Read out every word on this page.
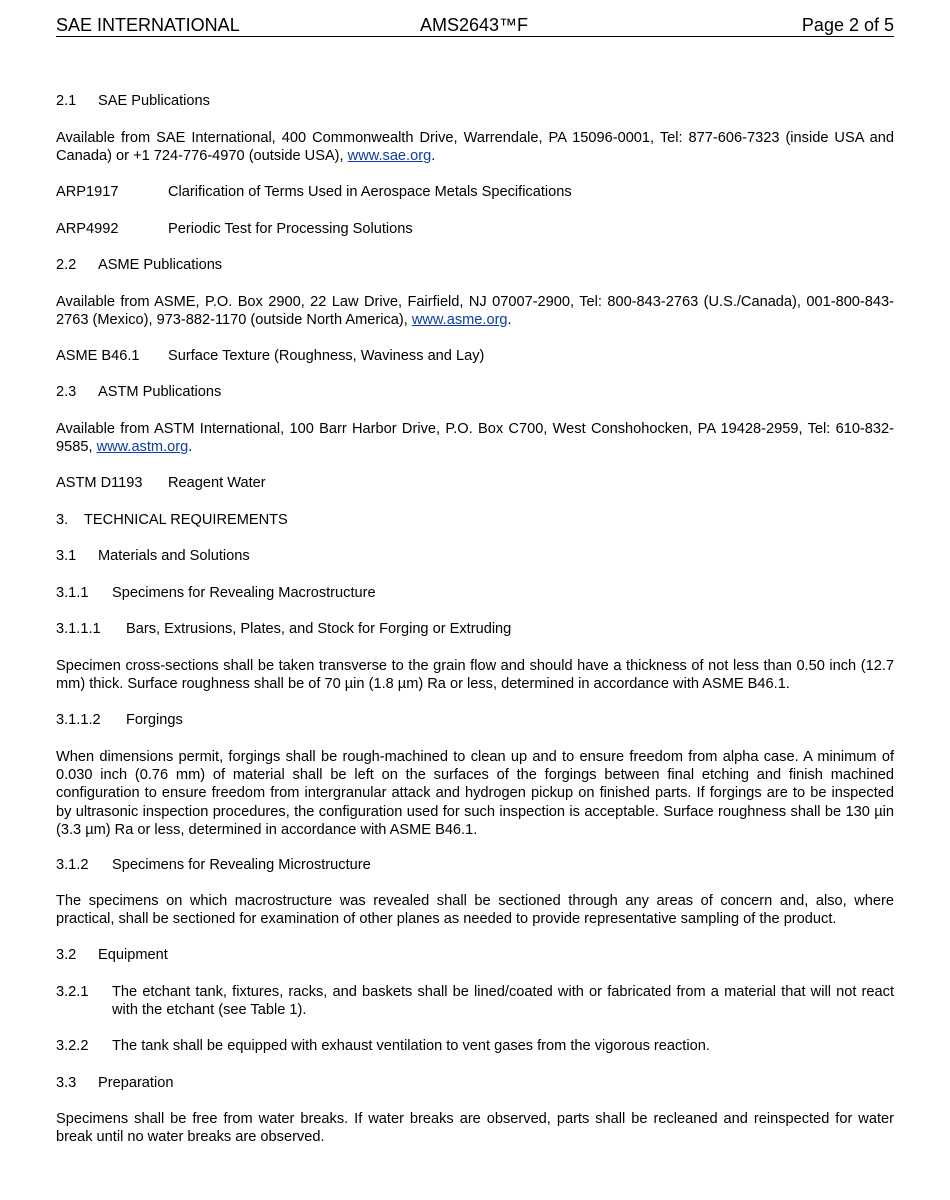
SAE INTERNATIONAL	AMS2643™F	Page 2 of 5
2.1 SAE Publications
Available from SAE International, 400 Commonwealth Drive, Warrendale, PA 15096-0001, Tel: 877-606-7323 (inside USA and Canada) or +1 724-776-4970 (outside USA), www.sae.org.
ARP1917	Clarification of Terms Used in Aerospace Metals Specifications
ARP4992	Periodic Test for Processing Solutions
2.2 ASME Publications
Available from ASME, P.O. Box 2900, 22 Law Drive, Fairfield, NJ 07007-2900, Tel: 800-843-2763 (U.S./Canada), 001-800-843-2763 (Mexico), 973-882-1170 (outside North America), www.asme.org.
ASME B46.1	Surface Texture (Roughness, Waviness and Lay)
2.3 ASTM Publications
Available from ASTM International, 100 Barr Harbor Drive, P.O. Box C700, West Conshohocken, PA 19428-2959, Tel: 610-832-9585, www.astm.org.
ASTM D1193	Reagent Water
3. TECHNICAL REQUIREMENTS
3.1 Materials and Solutions
3.1.1 Specimens for Revealing Macrostructure
3.1.1.1 Bars, Extrusions, Plates, and Stock for Forging or Extruding
Specimen cross-sections shall be taken transverse to the grain flow and should have a thickness of not less than 0.50 inch (12.7 mm) thick. Surface roughness shall be of 70 µin (1.8 µm) Ra or less, determined in accordance with ASME B46.1.
3.1.1.2 Forgings
When dimensions permit, forgings shall be rough-machined to clean up and to ensure freedom from alpha case. A minimum of 0.030 inch (0.76 mm) of material shall be left on the surfaces of the forgings between final etching and finish machined configuration to ensure freedom from intergranular attack and hydrogen pickup on finished parts. If forgings are to be inspected by ultrasonic inspection procedures, the configuration used for such inspection is acceptable. Surface roughness shall be 130 µin (3.3 µm) Ra or less, determined in accordance with ASME B46.1.
3.1.2 Specimens for Revealing Microstructure
The specimens on which macrostructure was revealed shall be sectioned through any areas of concern and, also, where practical, shall be sectioned for examination of other planes as needed to provide representative sampling of the product.
3.2 Equipment
3.2.1	The etchant tank, fixtures, racks, and baskets shall be lined/coated with or fabricated from a material that will not react with the etchant (see Table 1).
3.2.2	The tank shall be equipped with exhaust ventilation to vent gases from the vigorous reaction.
3.3 Preparation
Specimens shall be free from water breaks. If water breaks are observed, parts shall be recleaned and reinspected for water break until no water breaks are observed.
